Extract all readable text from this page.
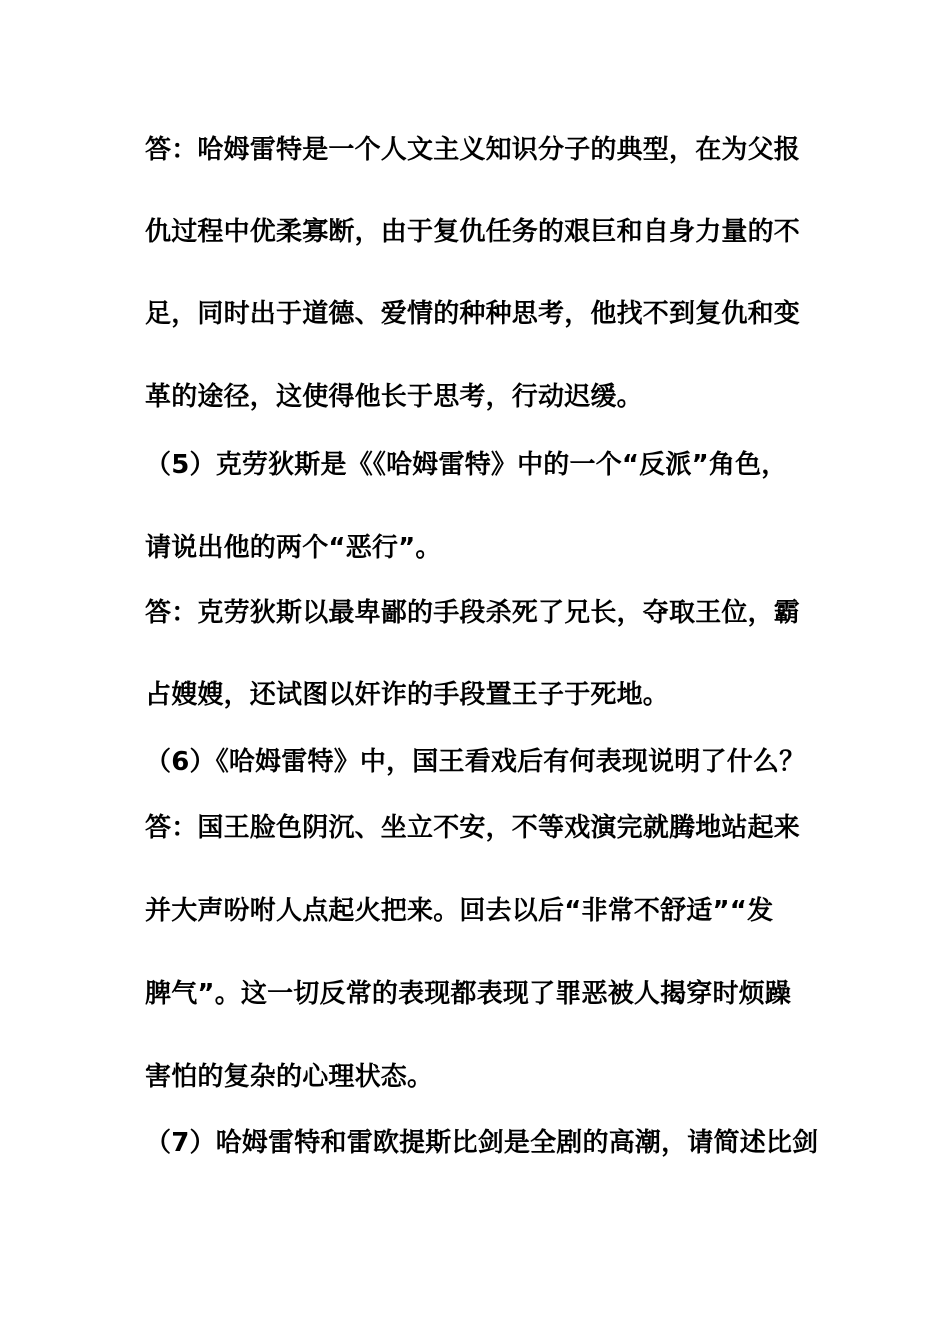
答：哈姆雷特是一个人文主义知识分子的典型，在为父报
仇过程中优柔寡断，由于复仇任务的艰巨和自身力量的不
足，同时出于道德、爱情的种种思考，他找不到复仇和变
革的途径，这使得他长于思考，行动迟缓。
（5）克劳狄斯是《《哈姆雷特》中的一个“反派”角色，
请说出他的两个“恶行”。
答：克劳狄斯以最卑鄙的手段杀死了兄长，夺取王位，霸
占嫂嫂，还试图以奸诈的手段置王子于死地。
（6）《哈姆雷特》中，国王看戏后有何表现说明了什么？
答：国王脸色阴沉、坐立不安，不等戏演完就腾地站起来
并大声吩咐人点起火把来。回去以后“非常不舒适”“发
脾气”。这一切反常的表现都表现了罪恶被人揭穿时烦躁
害怕的复杂的心理状态。
（7）哈姆雷特和雷欧提斯比剑是全剧的高潮，请简述比剑
